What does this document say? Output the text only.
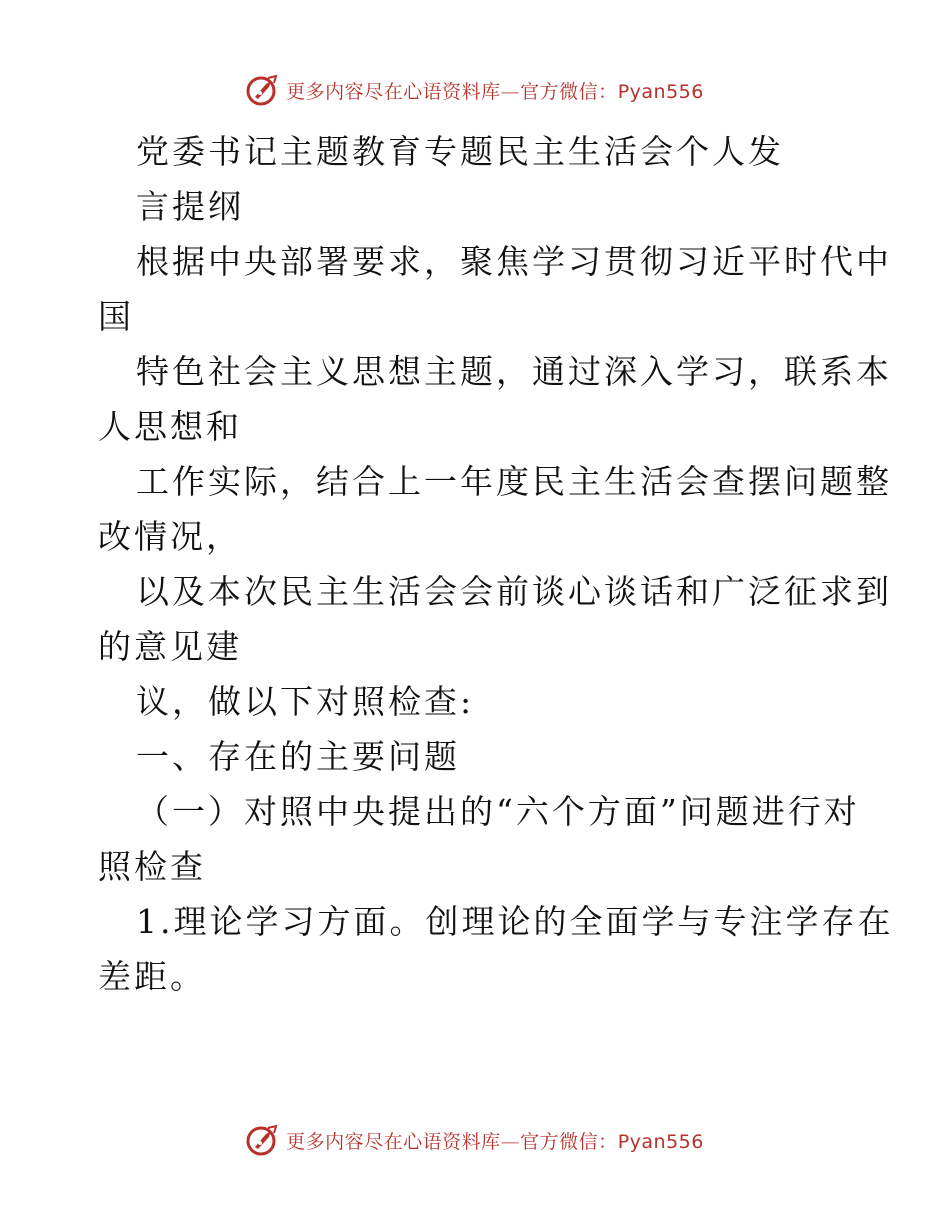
更多内容尽在心语资料库—官方微信：Pyan556
党委书记主题教育专题民主生活会个人发
言提纲
根据中央部署要求，聚焦学习贯彻习近平时代中
国
特色社会主义思想主题，通过深入学习，联系本
人思想和
工作实际，结合上一年度民主生活会查摆问题整
改情况，
以及本次民主生活会会前谈心谈话和广泛征求到
的意见建
议，做以下对照检查:
一、存在的主要问题
（一）对照中央提出的“六个方面”问题进行对
照检查
1.理论学习方面。创理论的全面学与专注学存在
差距。
更多内容尽在心语资料库—官方微信：Pyan556
